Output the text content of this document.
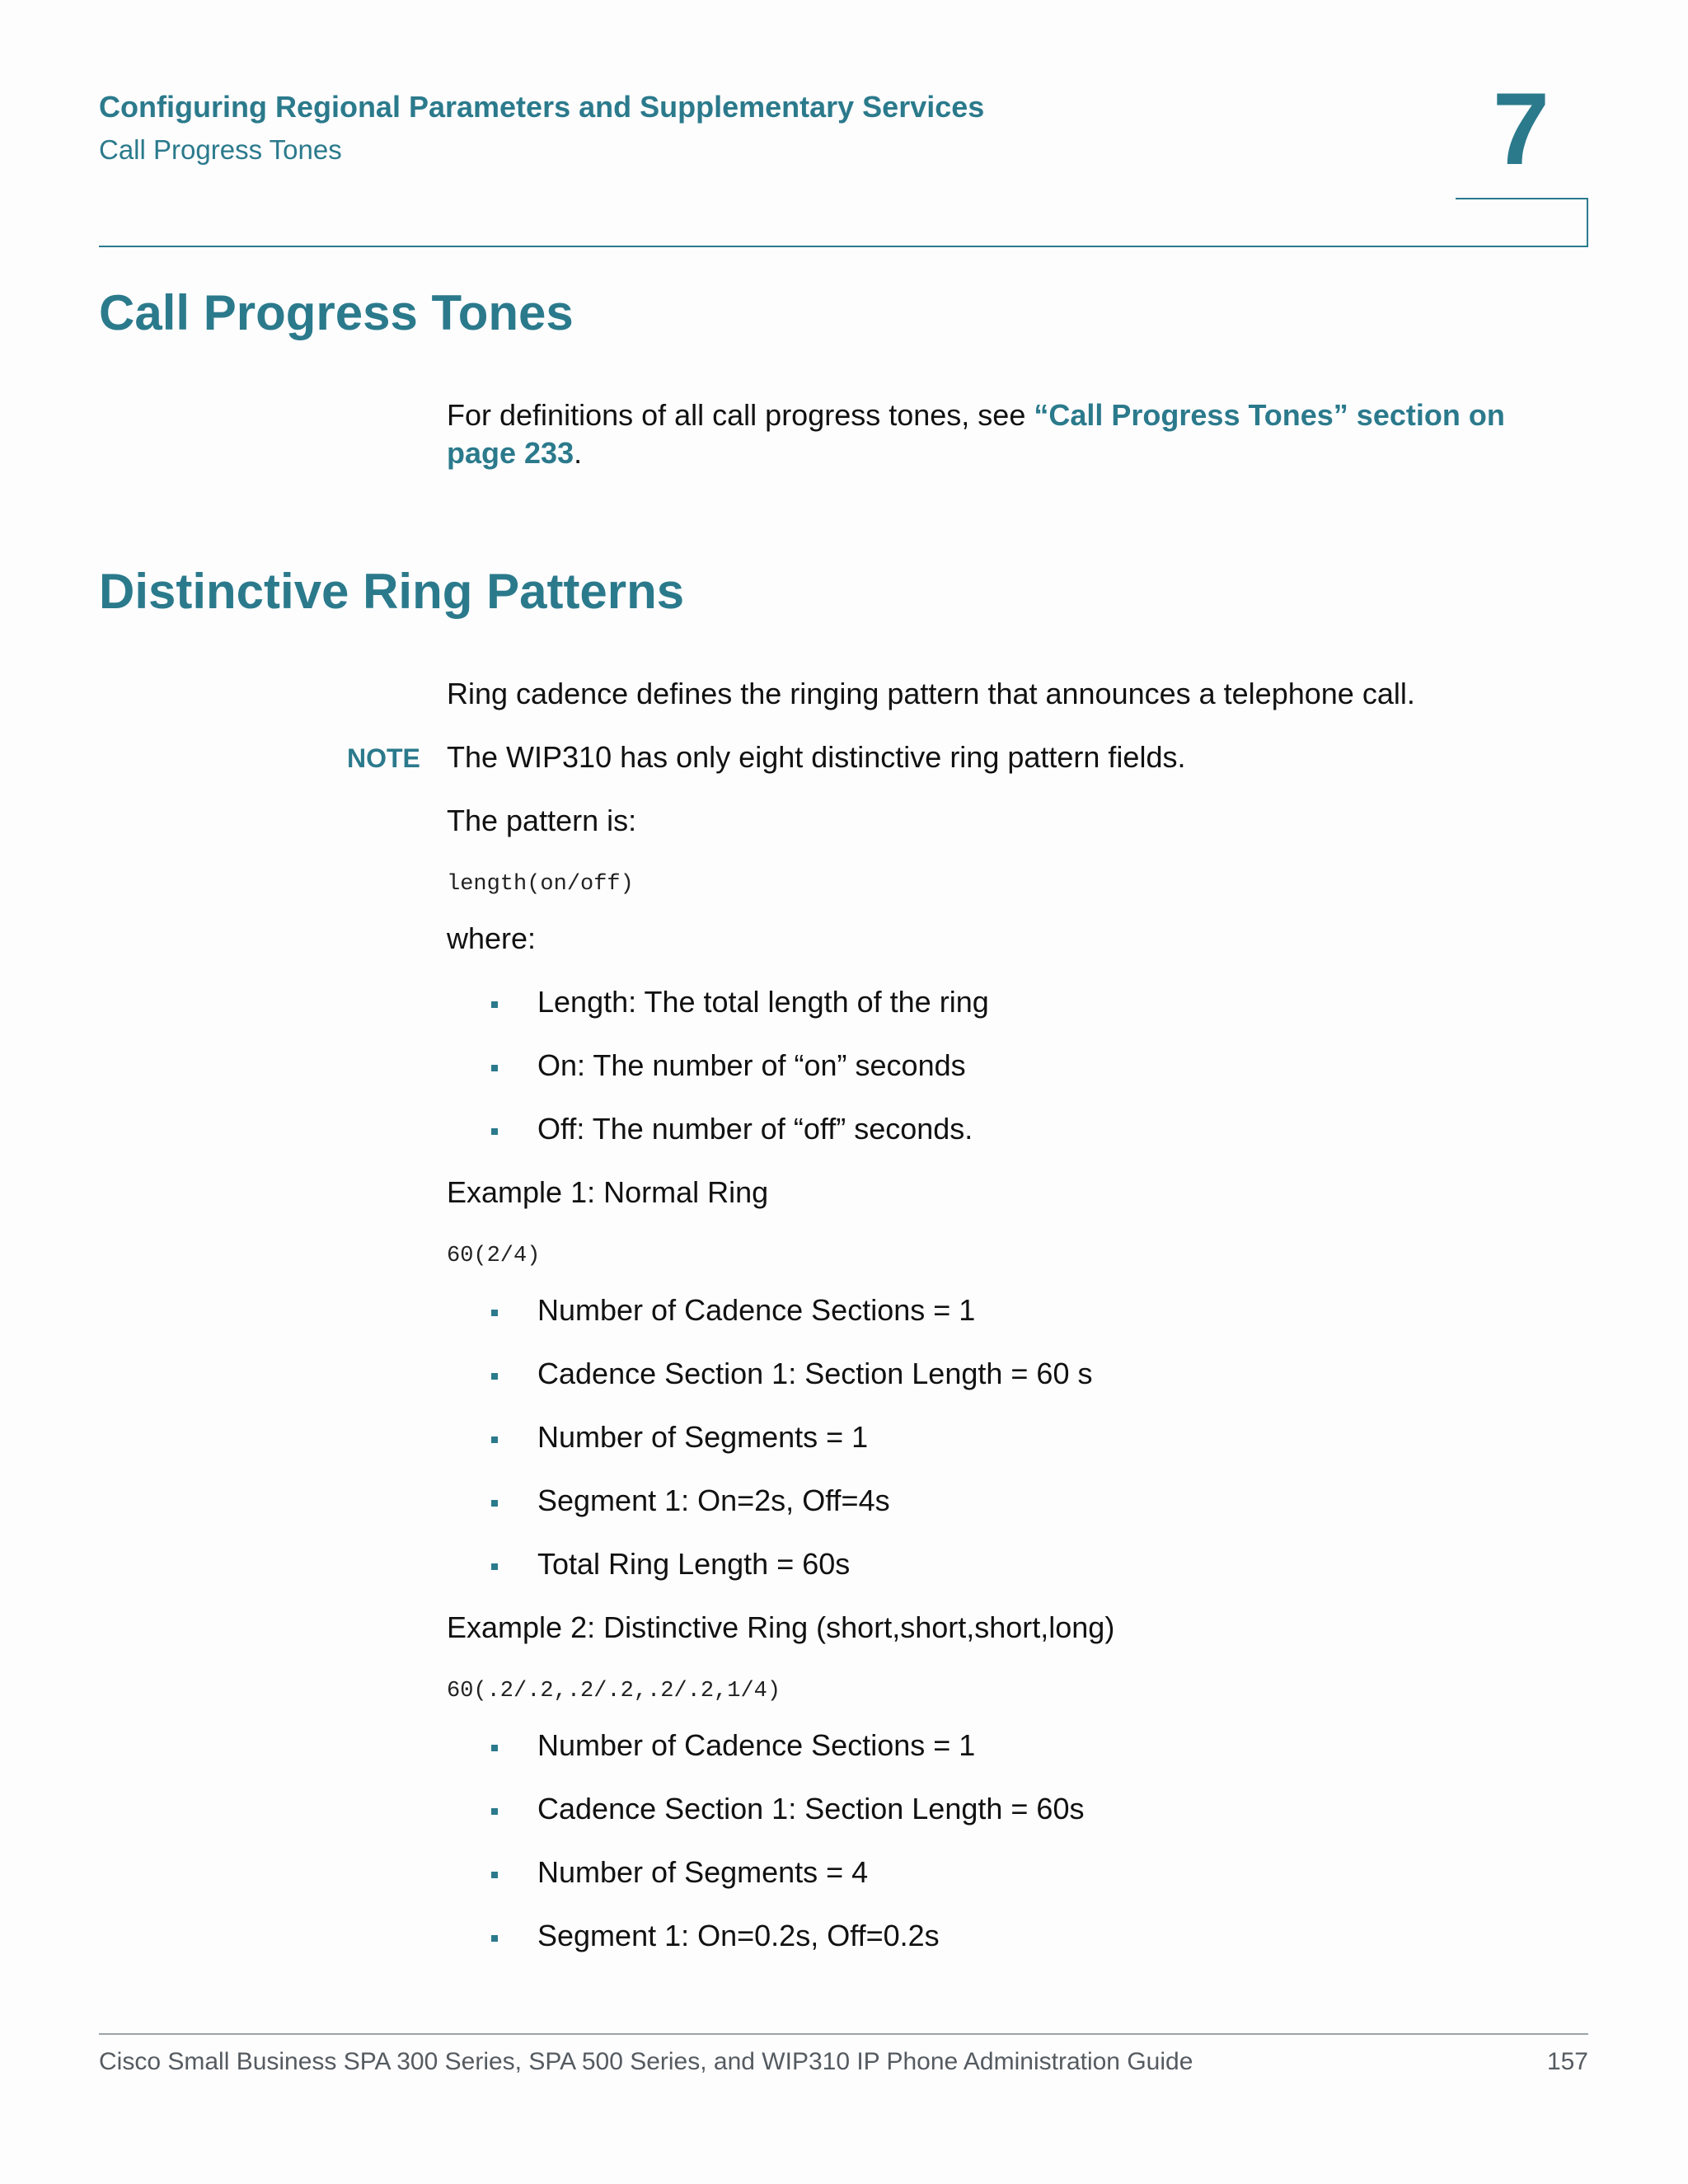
Configuring Regional Parameters and Supplementary Services
Call Progress Tones	7
Call Progress Tones
For definitions of all call progress tones, see “Call Progress Tones” section on
page 233.
Distinctive Ring Patterns
Ring cadence defines the ringing pattern that announces a telephone call.
NOTE The WIP310 has only eight distinctive ring pattern fields.
The pattern is:
length(on/off)
where:
Length: The total length of the ring
On: The number of “on” seconds
Off: The number of “off” seconds.
Example 1: Normal Ring
60(2/4)
Number of Cadence Sections = 1
Cadence Section 1: Section Length = 60 s
Number of Segments = 1
Segment 1: On=2s, Off=4s
Total Ring Length = 60s
Example 2: Distinctive Ring (short,short,short,long)
60(.2/.2,.2/.2,.2/.2,1/4)
Number of Cadence Sections = 1
Cadence Section 1: Section Length = 60s
Number of Segments = 4
Segment 1: On=0.2s, Off=0.2s
Cisco Small Business SPA 300 Series, SPA 500 Series, and WIP310 IP Phone Administration Guide	157
